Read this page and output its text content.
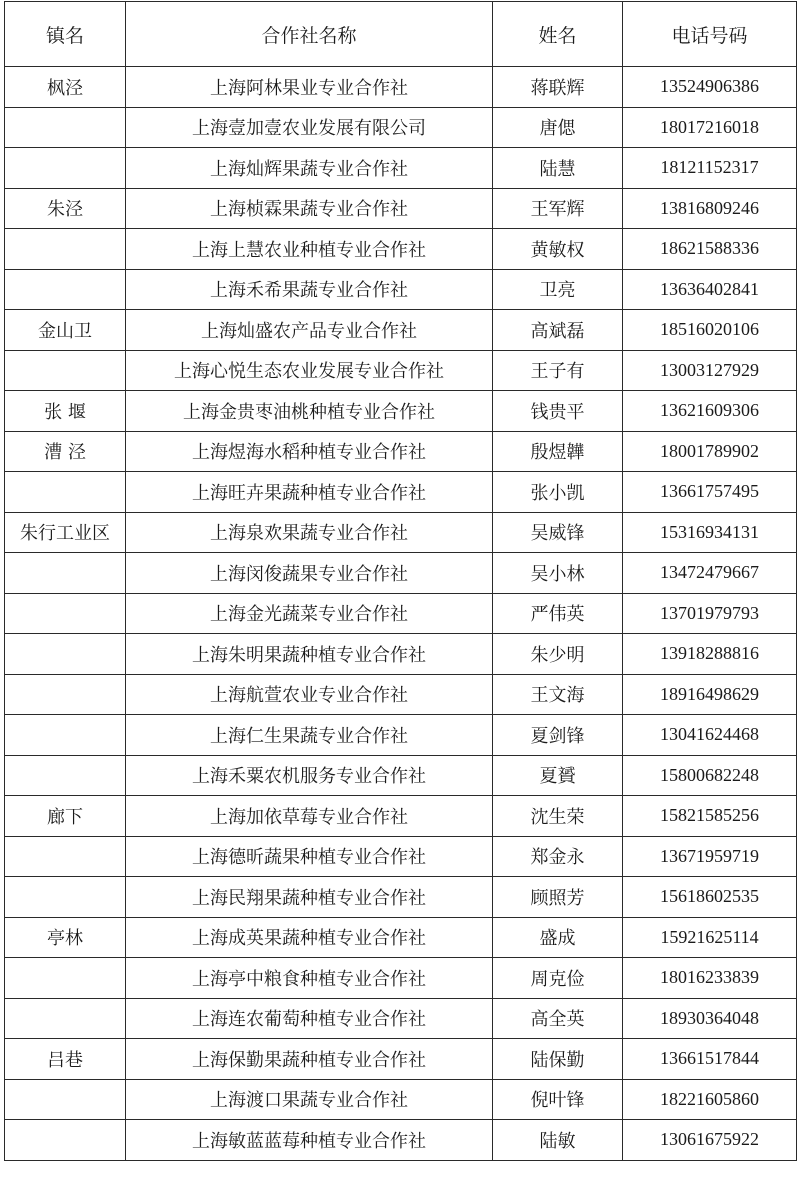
镇名	合作社名称	姓名	电话号码
枫泾	上海阿林果业专业合作社	蒋联辉	13524906386
	上海壹加壹农业发展有限公司	唐偲	18017216018
	上海灿辉果蔬专业合作社	陆慧	18121152317
朱泾	上海桢霖果蔬专业合作社	王军辉	13816809246
	上海上慧农业种植专业合作社	黄敏权	18621588336
	上海禾希果蔬专业合作社	卫亮	13636402841
金山卫	上海灿盛农产品专业合作社	高斌磊	18516020106
	上海心悦生态农业发展专业合作社	王子有	13003127929
张 堰	上海金贵枣油桃种植专业合作社	钱贵平	13621609306
漕 泾	上海煜海水稻种植专业合作社	殷煜韡	18001789902
	上海旺卉果蔬种植专业合作社	张小凯	13661757495
朱行工业区	上海泉欢果蔬专业合作社	吴威锋	15316934131
	上海闵俊蔬果专业合作社	吴小林	13472479667
	上海金光蔬菜专业合作社	严伟英	13701979793
	上海朱明果蔬种植专业合作社	朱少明	13918288816
	上海航萱农业专业合作社	王文海	18916498629
	上海仁生果蔬专业合作社	夏剑锋	13041624468
	上海禾粟农机服务专业合作社	夏贇	15800682248
廊下	上海加依草莓专业合作社	沈生荣	15821585256
	上海德昕蔬果种植专业合作社	郑金永	13671959719
	上海民翔果蔬种植专业合作社	顾照芳	15618602535
亭林	上海成英果蔬种植专业合作社	盛成	15921625114
	上海亭中粮食种植专业合作社	周克俭	18016233839
	上海连农葡萄种植专业合作社	高全英	18930364048
吕巷	上海保勤果蔬种植专业合作社	陆保勤	13661517844
	上海渡口果蔬专业合作社	倪叶锋	18221605860
	上海敏蓝蓝莓种植专业合作社	陆敏	13061675922
